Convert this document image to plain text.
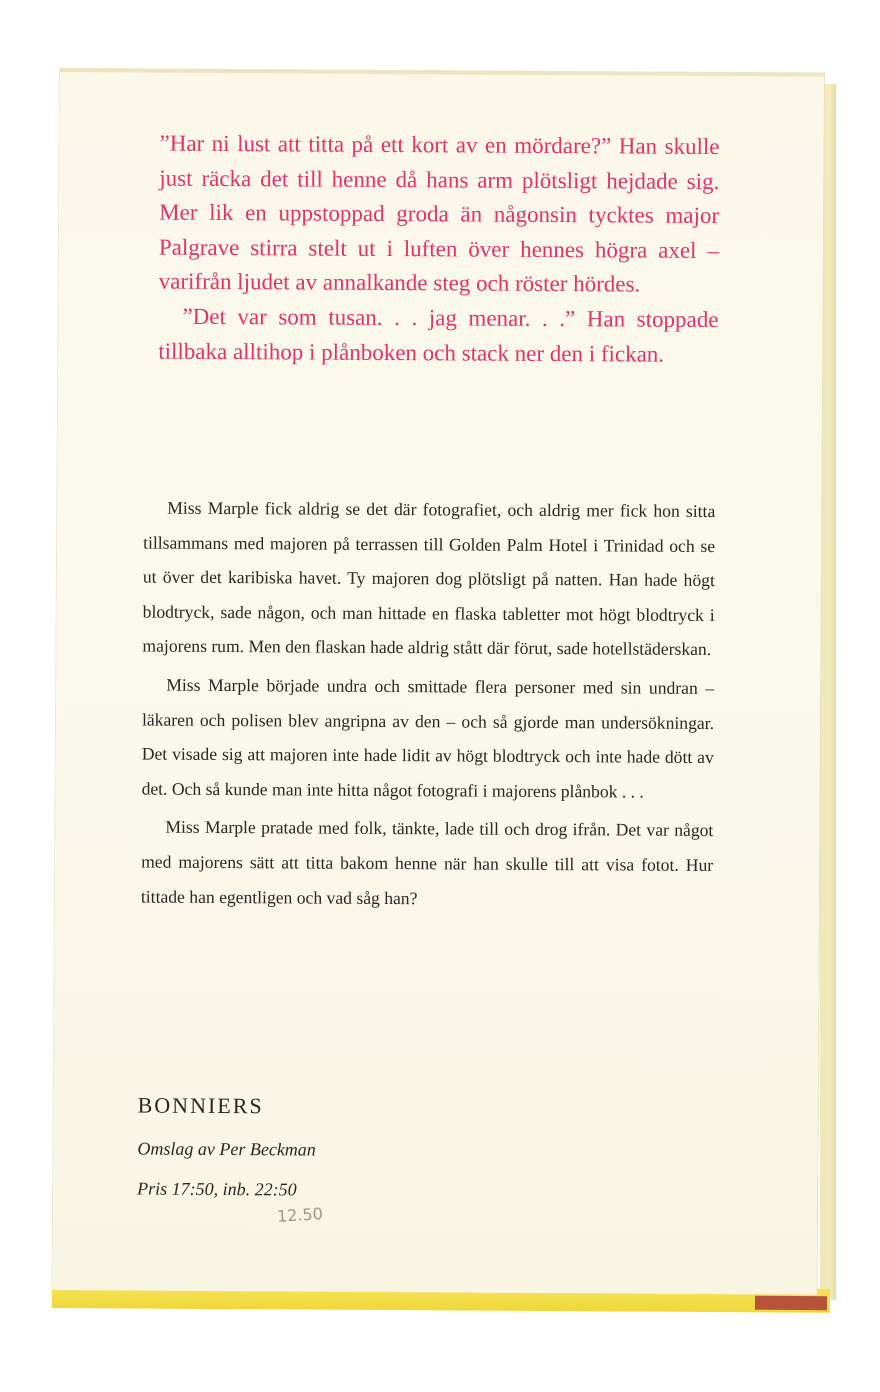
”Har ni lust att titta på ett kort av en mördare?” Han skulle just räcka det till henne då hans arm plötsligt hejdade sig. Mer lik en uppstoppad groda än någonsin tycktes major Palgrave stirra stelt ut i luften över hennes högra axel – varifrån ljudet av annalkande steg och röster hördes.

”Det var som tusan. . . jag menar. . .” Han stoppade tillbaka alltihop i plånboken och stack ner den i fickan.

Miss Marple fick aldrig se det där fotografiet, och aldrig mer fick hon sitta tillsammans med majoren på terrassen till Golden Palm Hotel i Trinidad och se ut över det karibiska havet. Ty majoren dog plötsligt på natten. Han hade högt blodtryck, sade någon, och man hittade en flaska tabletter mot högt blodtryck i majorens rum. Men den flaskan hade aldrig stått där förut, sade hotellstäderskan.

Miss Marple började undra och smittade flera personer med sin undran – läkaren och polisen blev angripna av den – och så gjorde man undersökningar. Det visade sig att majoren inte hade lidit av högt blodtryck och inte hade dött av det. Och så kunde man inte hitta något fotografi i majorens plånbok . . .

Miss Marple pratade med folk, tänkte, lade till och drog ifrån. Det var något med majorens sätt att titta bakom henne när han skulle till att visa fotot. Hur tittade han egentligen och vad såg han?

BONNIERS
Omslag av Per Beckman
Pris 17:50, inb. 22:50
12.50
